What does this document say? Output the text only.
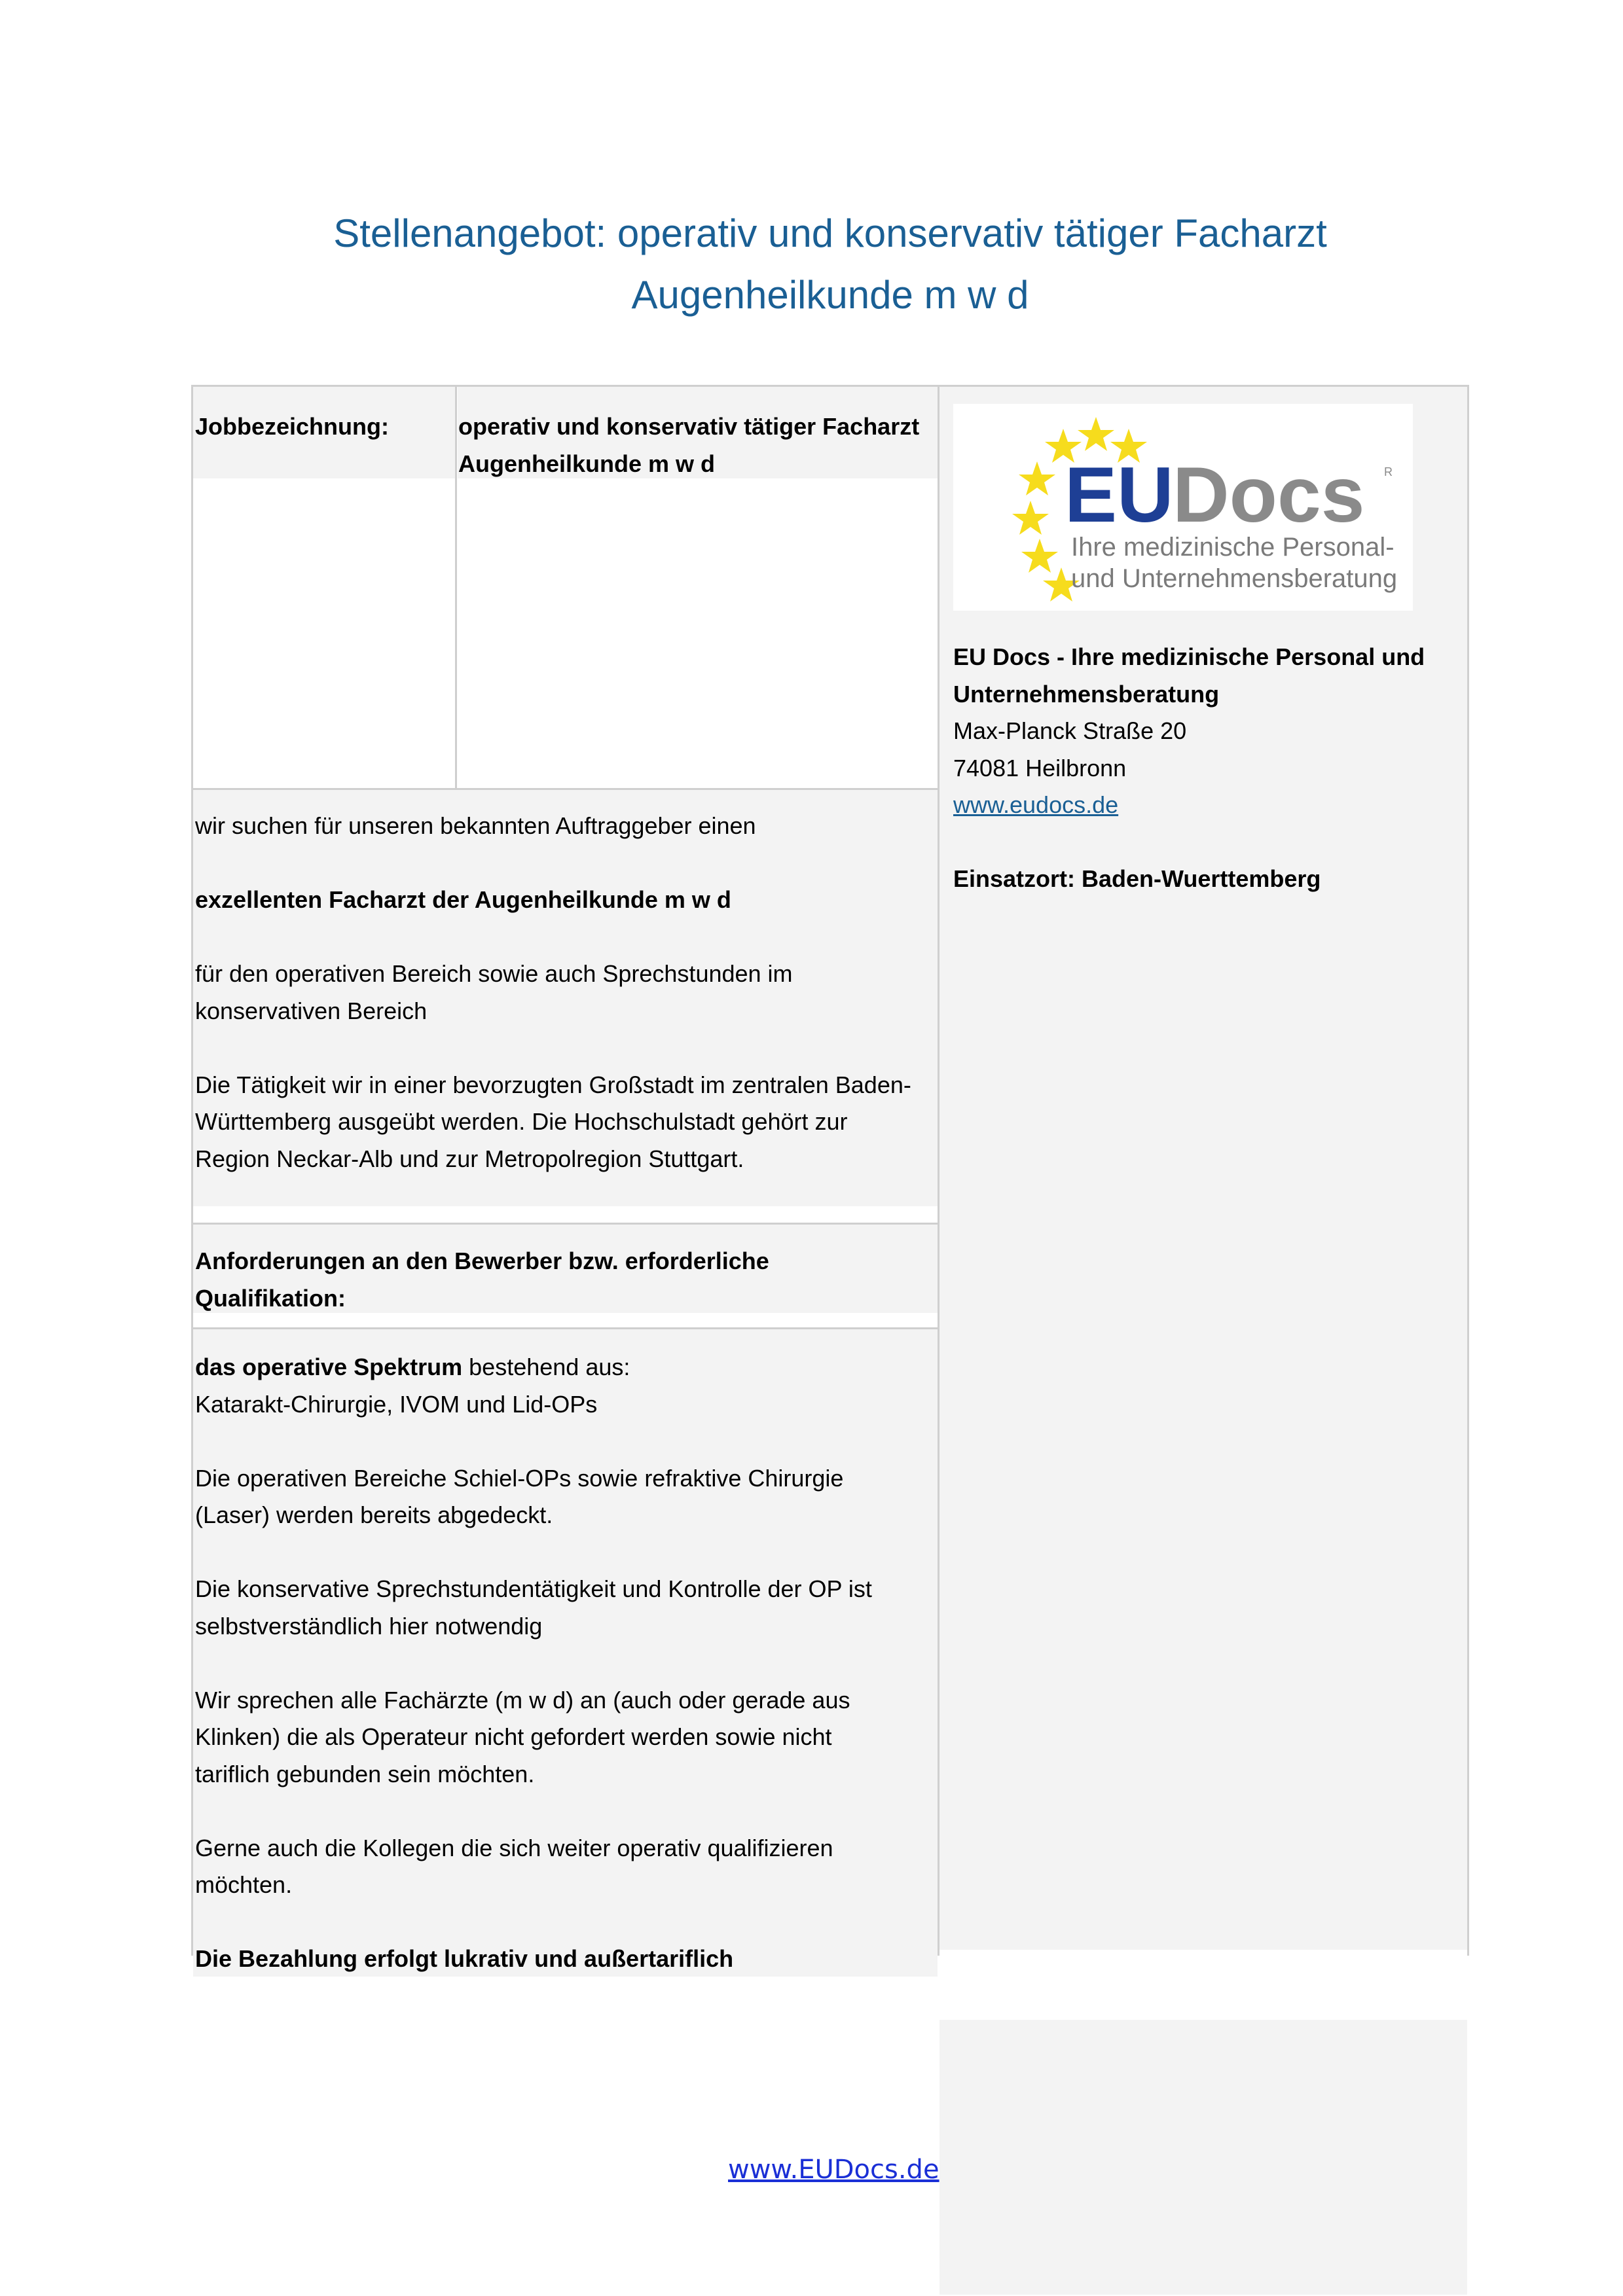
Stellenangebot: operativ und konservativ tätiger Facharzt
Augenheilkunde m w d
EU
Docs R
Ihre medizinische Personal-
und Unternehmensberatung
EU Docs - Ihre medizinische Personal und
Unternehmensberatung
Max-Planck Straße 20
74081 Heilbronn
www.eudocs.de
Einsatzort: Baden-Wuerttemberg
Jobbezeichnung:	operativ und konservativ tätiger Facharzt
Augenheilkunde m w d
wir suchen für unseren bekannten Auftraggeber einen
exzellenten Facharzt der Augenheilkunde m w d
für den operativen Bereich sowie auch Sprechstunden im
konservativen Bereich
Die Tätigkeit wir in einer bevorzugten Großstadt im zentralen Baden-
Württemberg ausgeübt werden. Die Hochschulstadt gehört zur
Region Neckar-Alb und zur Metropolregion Stuttgart.
Anforderungen an den Bewerber bzw. erforderliche
Qualifikation:
das operative Spektrum bestehend aus:
Katarakt-Chirurgie, IVOM und Lid-OPs
Die operativen Bereiche Schiel-OPs sowie refraktive Chirurgie
(Laser) werden bereits abgedeckt.
Die konservative Sprechstundentätigkeit und Kontrolle der OP ist
selbstverständlich hier notwendig
Wir sprechen alle Fachärzte (m w d) an (auch oder gerade aus
Klinken) die als Operateur nicht gefordert werden sowie nicht
tariflich gebunden sein möchten.
Gerne auch die Kollegen die sich weiter operativ qualifizieren
möchten.
Die Bezahlung erfolgt lukrativ und außertariflich
www.EUDocs.de
